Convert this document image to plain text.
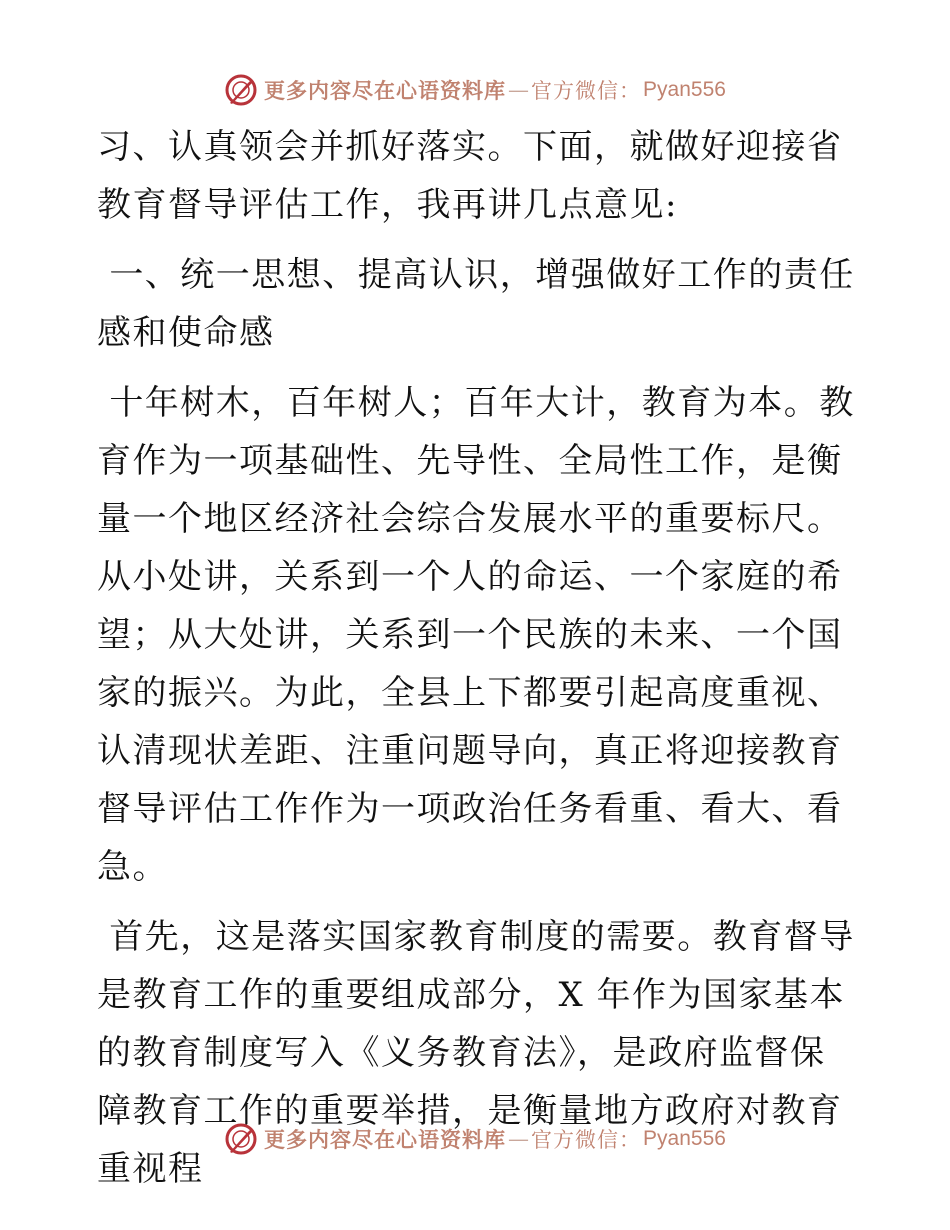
更多内容尽在心语资料库 — 官方微信： Pyan556

习、认真领会并抓好落实。下面，就做好迎接省教育督导评估工作，我再讲几点意见:

一、统一思想、提高认识，增强做好工作的责任感和使命感

十年树木，百年树人；百年大计，教育为本。教育作为一项基础性、先导性、全局性工作，是衡量一个地区经济社会综合发展水平的重要标尺。从小处讲，关系到一个人的命运、一个家庭的希望；从大处讲，关系到一个民族的未来、一个国家的振兴。为此，全县上下都要引起高度重视、认清现状差距、注重问题导向，真正将迎接教育督导评估工作作为一项政治任务看重、看大、看急。

首先，这是落实国家教育制度的需要。教育督导是教育工作的重要组成部分，X 年作为国家基本的教育制度写入《义务教育法》，是政府监督保障教育工作的重要举措，是衡量地方政府对教育重视程

更多内容尽在心语资料库 — 官方微信： Pyan556
